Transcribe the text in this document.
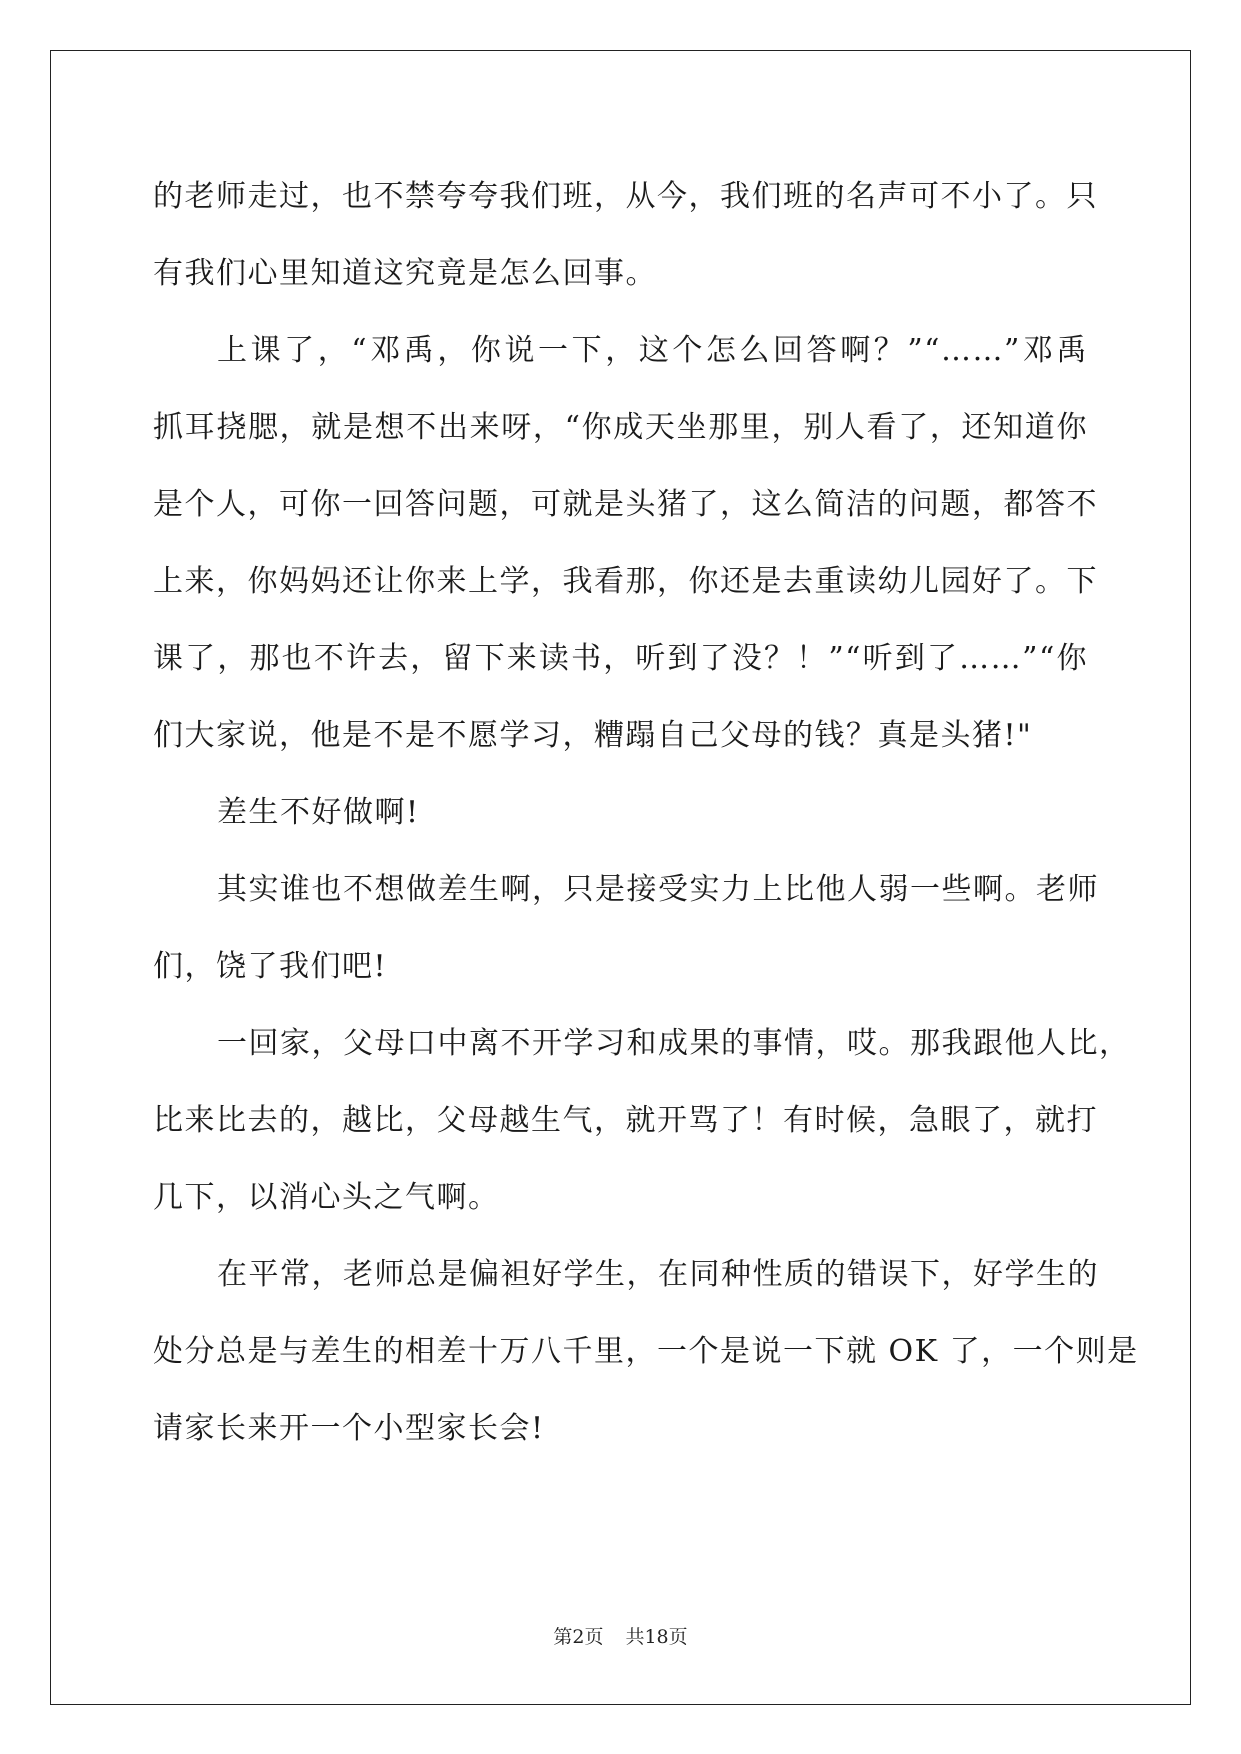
的老师走过，也不禁夸夸我们班，从今，我们班的名声可不小了。只
有我们心里知道这究竟是怎么回事。
上课了，“邓禹，你说一下，这个怎么回答啊？”“……”邓禹
抓耳挠腮，就是想不出来呀，“你成天坐那里，别人看了，还知道你
是个人，可你一回答问题，可就是头猪了，这么简洁的问题，都答不
上来，你妈妈还让你来上学，我看那，你还是去重读幼儿园好了。下
课了，那也不许去，留下来读书，听到了没？！”“听到了……”“你
们大家说，他是不是不愿学习，糟蹋自己父母的钱？真是头猪!"
差生不好做啊!
其实谁也不想做差生啊，只是接受实力上比他人弱一些啊。老师
们，饶了我们吧!
一回家，父母口中离不开学习和成果的事情，哎。那我跟他人比，
比来比去的，越比，父母越生气，就开骂了！有时候，急眼了，就打
几下，以消心头之气啊。
在平常，老师总是偏袒好学生，在同种性质的错误下，好学生的
处分总是与差生的相差十万八千里，一个是说一下就 OK 了，一个则是
请家长来开一个小型家长会!
第2页 共18页
